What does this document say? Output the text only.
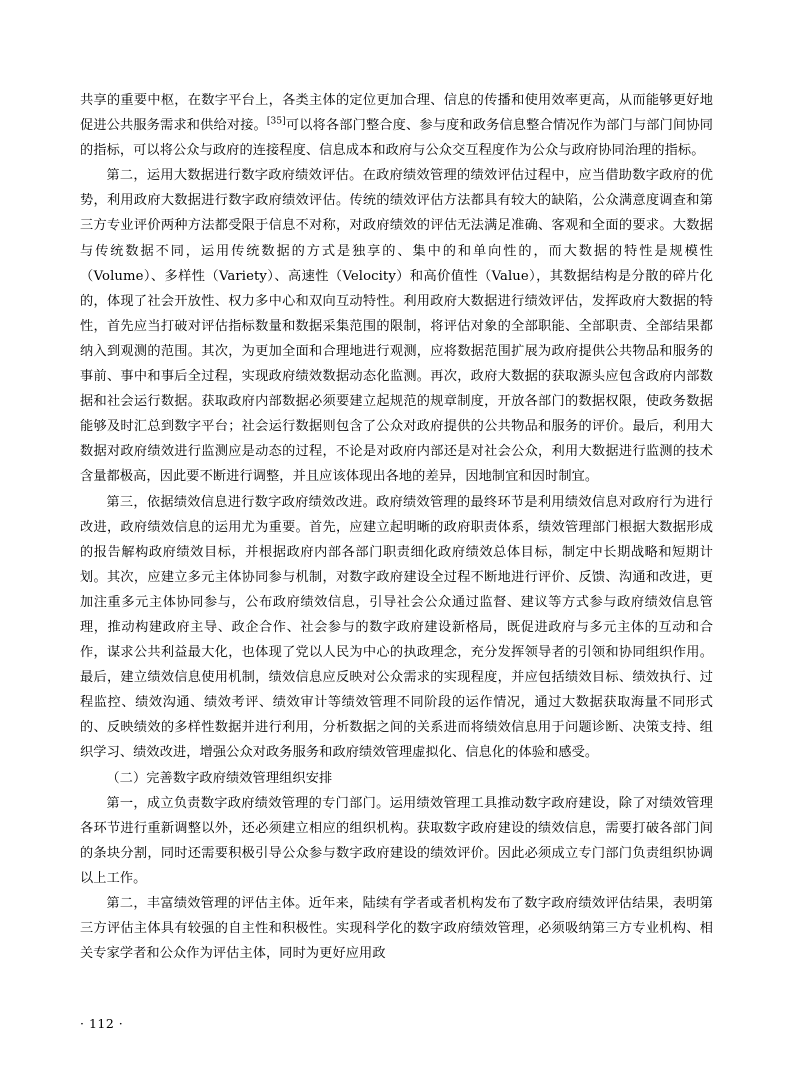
共享的重要中枢，在数字平台上，各类主体的定位更加合理、信息的传播和使用效率更高，从而能够更好地促进公共服务需求和供给对接。[35]可以将各部门整合度、参与度和政务信息整合情况作为部门与部门间协同的指标，可以将公众与政府的连接程度、信息成本和政府与公众交互程度作为公众与政府协同治理的指标。

第二，运用大数据进行数字政府绩效评估。在政府绩效管理的绩效评估过程中，应当借助数字政府的优势，利用政府大数据进行数字政府绩效评估。传统的绩效评估方法都具有较大的缺陷，公众满意度调查和第三方专业评价两种方法都受限于信息不对称，对政府绩效的评估无法满足准确、客观和全面的要求。大数据与传统数据不同，运用传统数据的方式是独享的、集中的和单向性的，而大数据的特性是规模性（Volume）、多样性（Variety）、高速性（Velocity）和高价值性（Value），其数据结构是分散的碎片化的，体现了社会开放性、权力多中心和双向互动特性。利用政府大数据进行绩效评估，发挥政府大数据的特性，首先应当打破对评估指标数量和数据采集范围的限制，将评估对象的全部职能、全部职责、全部结果都纳入到观测的范围。其次，为更加全面和合理地进行观测，应将数据范围扩展为政府提供公共物品和服务的事前、事中和事后全过程，实现政府绩效数据动态化监测。再次，政府大数据的获取源头应包含政府内部数据和社会运行数据。获取政府内部数据必须要建立起规范的规章制度，开放各部门的数据权限，使政务数据能够及时汇总到数字平台；社会运行数据则包含了公众对政府提供的公共物品和服务的评价。最后，利用大数据对政府绩效进行监测应是动态的过程，不论是对政府内部还是对社会公众，利用大数据进行监测的技术含量都极高，因此要不断进行调整，并且应该体现出各地的差异，因地制宜和因时制宜。

第三，依据绩效信息进行数字政府绩效改进。政府绩效管理的最终环节是利用绩效信息对政府行为进行改进，政府绩效信息的运用尤为重要。首先，应建立起明晰的政府职责体系，绩效管理部门根据大数据形成的报告解构政府绩效目标，并根据政府内部各部门职责细化政府绩效总体目标，制定中长期战略和短期计划。其次，应建立多元主体协同参与机制，对数字政府建设全过程不断地进行评价、反馈、沟通和改进，更加注重多元主体协同参与，公布政府绩效信息，引导社会公众通过监督、建议等方式参与政府绩效信息管理，推动构建政府主导、政企合作、社会参与的数字政府建设新格局，既促进政府与多元主体的互动和合作，谋求公共利益最大化，也体现了党以人民为中心的执政理念，充分发挥领导者的引领和协同组织作用。最后，建立绩效信息使用机制，绩效信息应反映对公众需求的实现程度，并应包括绩效目标、绩效执行、过程监控、绩效沟通、绩效考评、绩效审计等绩效管理不同阶段的运作情况，通过大数据获取海量不同形式的、反映绩效的多样性数据并进行利用，分析数据之间的关系进而将绩效信息用于问题诊断、决策支持、组织学习、绩效改进，增强公众对政务服务和政府绩效管理虚拟化、信息化的体验和感受。

（二）完善数字政府绩效管理组织安排

第一，成立负责数字政府绩效管理的专门部门。运用绩效管理工具推动数字政府建设，除了对绩效管理各环节进行重新调整以外，还必须建立相应的组织机构。获取数字政府建设的绩效信息，需要打破各部门间的条块分割，同时还需要积极引导公众参与数字政府建设的绩效评价。因此必须成立专门部门负责组织协调以上工作。

第二，丰富绩效管理的评估主体。近年来，陆续有学者或者机构发布了数字政府绩效评估结果，表明第三方评估主体具有较强的自主性和积极性。实现科学化的数字政府绩效管理，必须吸纳第三方专业机构、相关专家学者和公众作为评估主体，同时为更好应用政

· 112 ·
